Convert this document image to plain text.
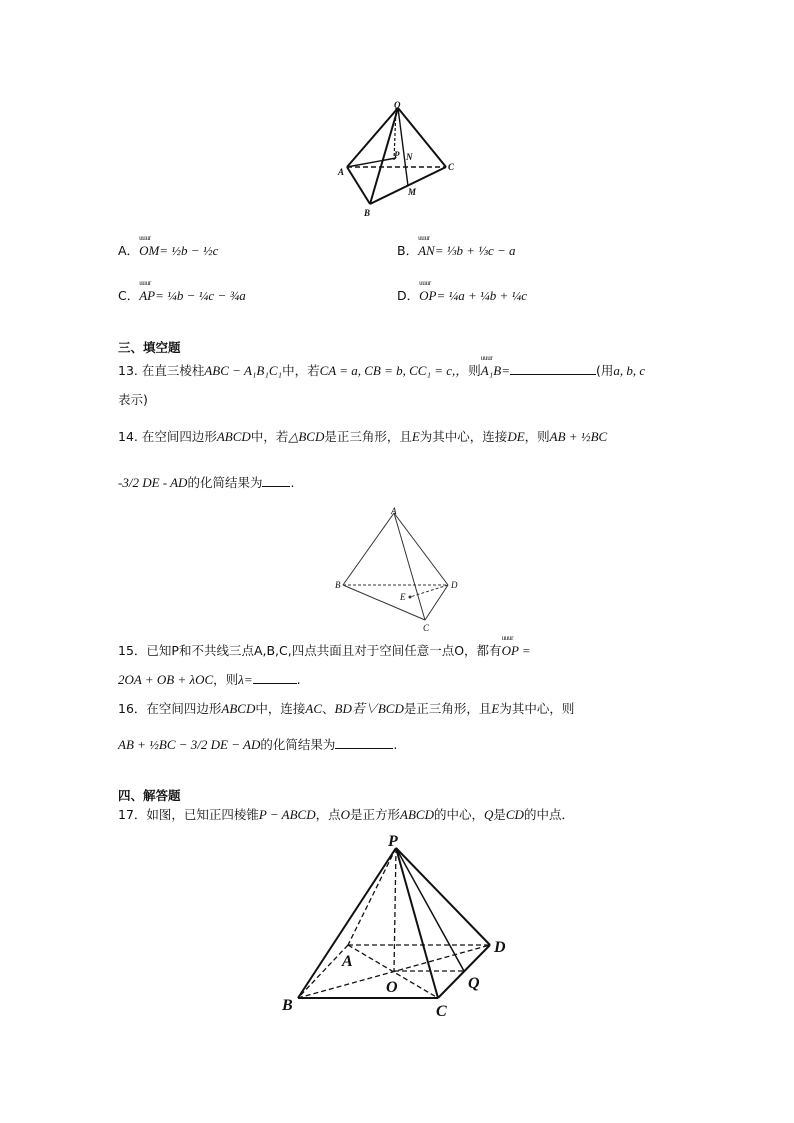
O
A
B
C
P N
M
A．uuur OM= ½b − ½c	B．uuur AN= ⅓b + ⅓c − a
C．uuur AP= ¼b − ¼c − ¾a	D．uuur OP= ¼a + ¼b + ¼c
三、填空题
13. 在直三棱柱ABC − A₁B₁C₁中，若CA = a, CB = b, CC₁ = c,，则uuur A₁B=	(用a, b, c
表示)
14. 在空间四边形ABCD中，若△BCD是正三角形，且E为其中心，连接DE，则AB + ½BC
-3/2 DE - AD的化简结果为 .
A
B
C
D
E
15．已知P和不共线三点A,B,C,四点共面且对于空间任意一点O，都有uuur OP =
2OA + OB + λOC，则λ=	.
16．在空间四边形ABCD中，连接AC、BD若∨BCD是正三角形，且E为其中心，则
AB + ½BC − 3/2 DE − AD的化简结果为	.
四、解答题
17．如图，已知正四棱锥P − ABCD，点O是正方形ABCD的中心，Q是CD的中点．
P
A
B	C
D
O	Q
